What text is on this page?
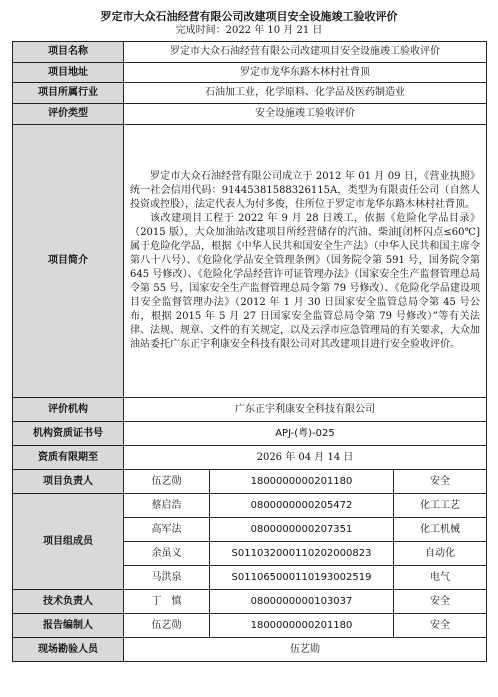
罗定市大众石油经营有限公司改建项目安全设施竣工验收评价
完成时间：2022 年 10 月 21 日
项目名称	罗定市大众石油经营有限公司改建项目安全设施竣工验收评价		
项目地址	罗定市龙华东路木林村社背顶		
项目所属行业	石油加工业，化学原料、化学品及医药制造业		
评价类型	安全设施竣工验收评价		
项目简介	罗定市大众石油经营有限公司成立于 2012 年 01 月 09 日，《营业执照》统一社会信用代码：91445381588326115A，类型为有限责任公司（自然人投资或控股），法定代表人为付多俊，住所位于罗定市龙华东路木林村社背顶。

该改建项目工程于 2022 年 9 月 28 日竣工，依据《危险化学品目录》（2015 版），大众加油站改建项目所经营储存的汽油、柴油[闭杯闪点≤60℃]属于危险化学品，根据《中华人民共和国安全生产法》（中华人民共和国主席令第八十八号）、《危险化学品安全管理条例》（国务院令第 591 号，国务院令第 645 号修改）、《危险化学品经营许可证管理办法》（国家安全生产监督管理总局令第 55 号，国家安全生产监督管理总局令第 79 号修改）、《危险化学品建设项目安全监督管理办法》（2012 年 1 月 30 日国家安全监管总局令第 45 号公布，根据 2015 年 5 月 27 日国家安全监管总局令第 79 号修改）”等有关法律、法规、规章、文件的有关规定，以及云浮市应急管理局的有关要求，大众加油站委托广东正宇利康安全科技有限公司对其改建项目进行安全验收评价。		

评价机构	广东正宇利康安全科技有限公司		
机构资质证书号	APJ-(粤)-025		
资质有限期至	2026 年 04 月 14 日		
项目负责人	伍艺勋	1800000000201180	安全
项目组成员	蔡启浩	0800000000205472	化工工艺
	高军法	0800000000207351	化工机械
	余虽义	S011032000110202000823	自动化
	马洪泉	S011065000110193002519	电气
技术负责人	丁　慎	0800000000103037	安全
报告编制人	伍艺勋	1800000000201180	安全
现场勘验人员	伍艺勋		
